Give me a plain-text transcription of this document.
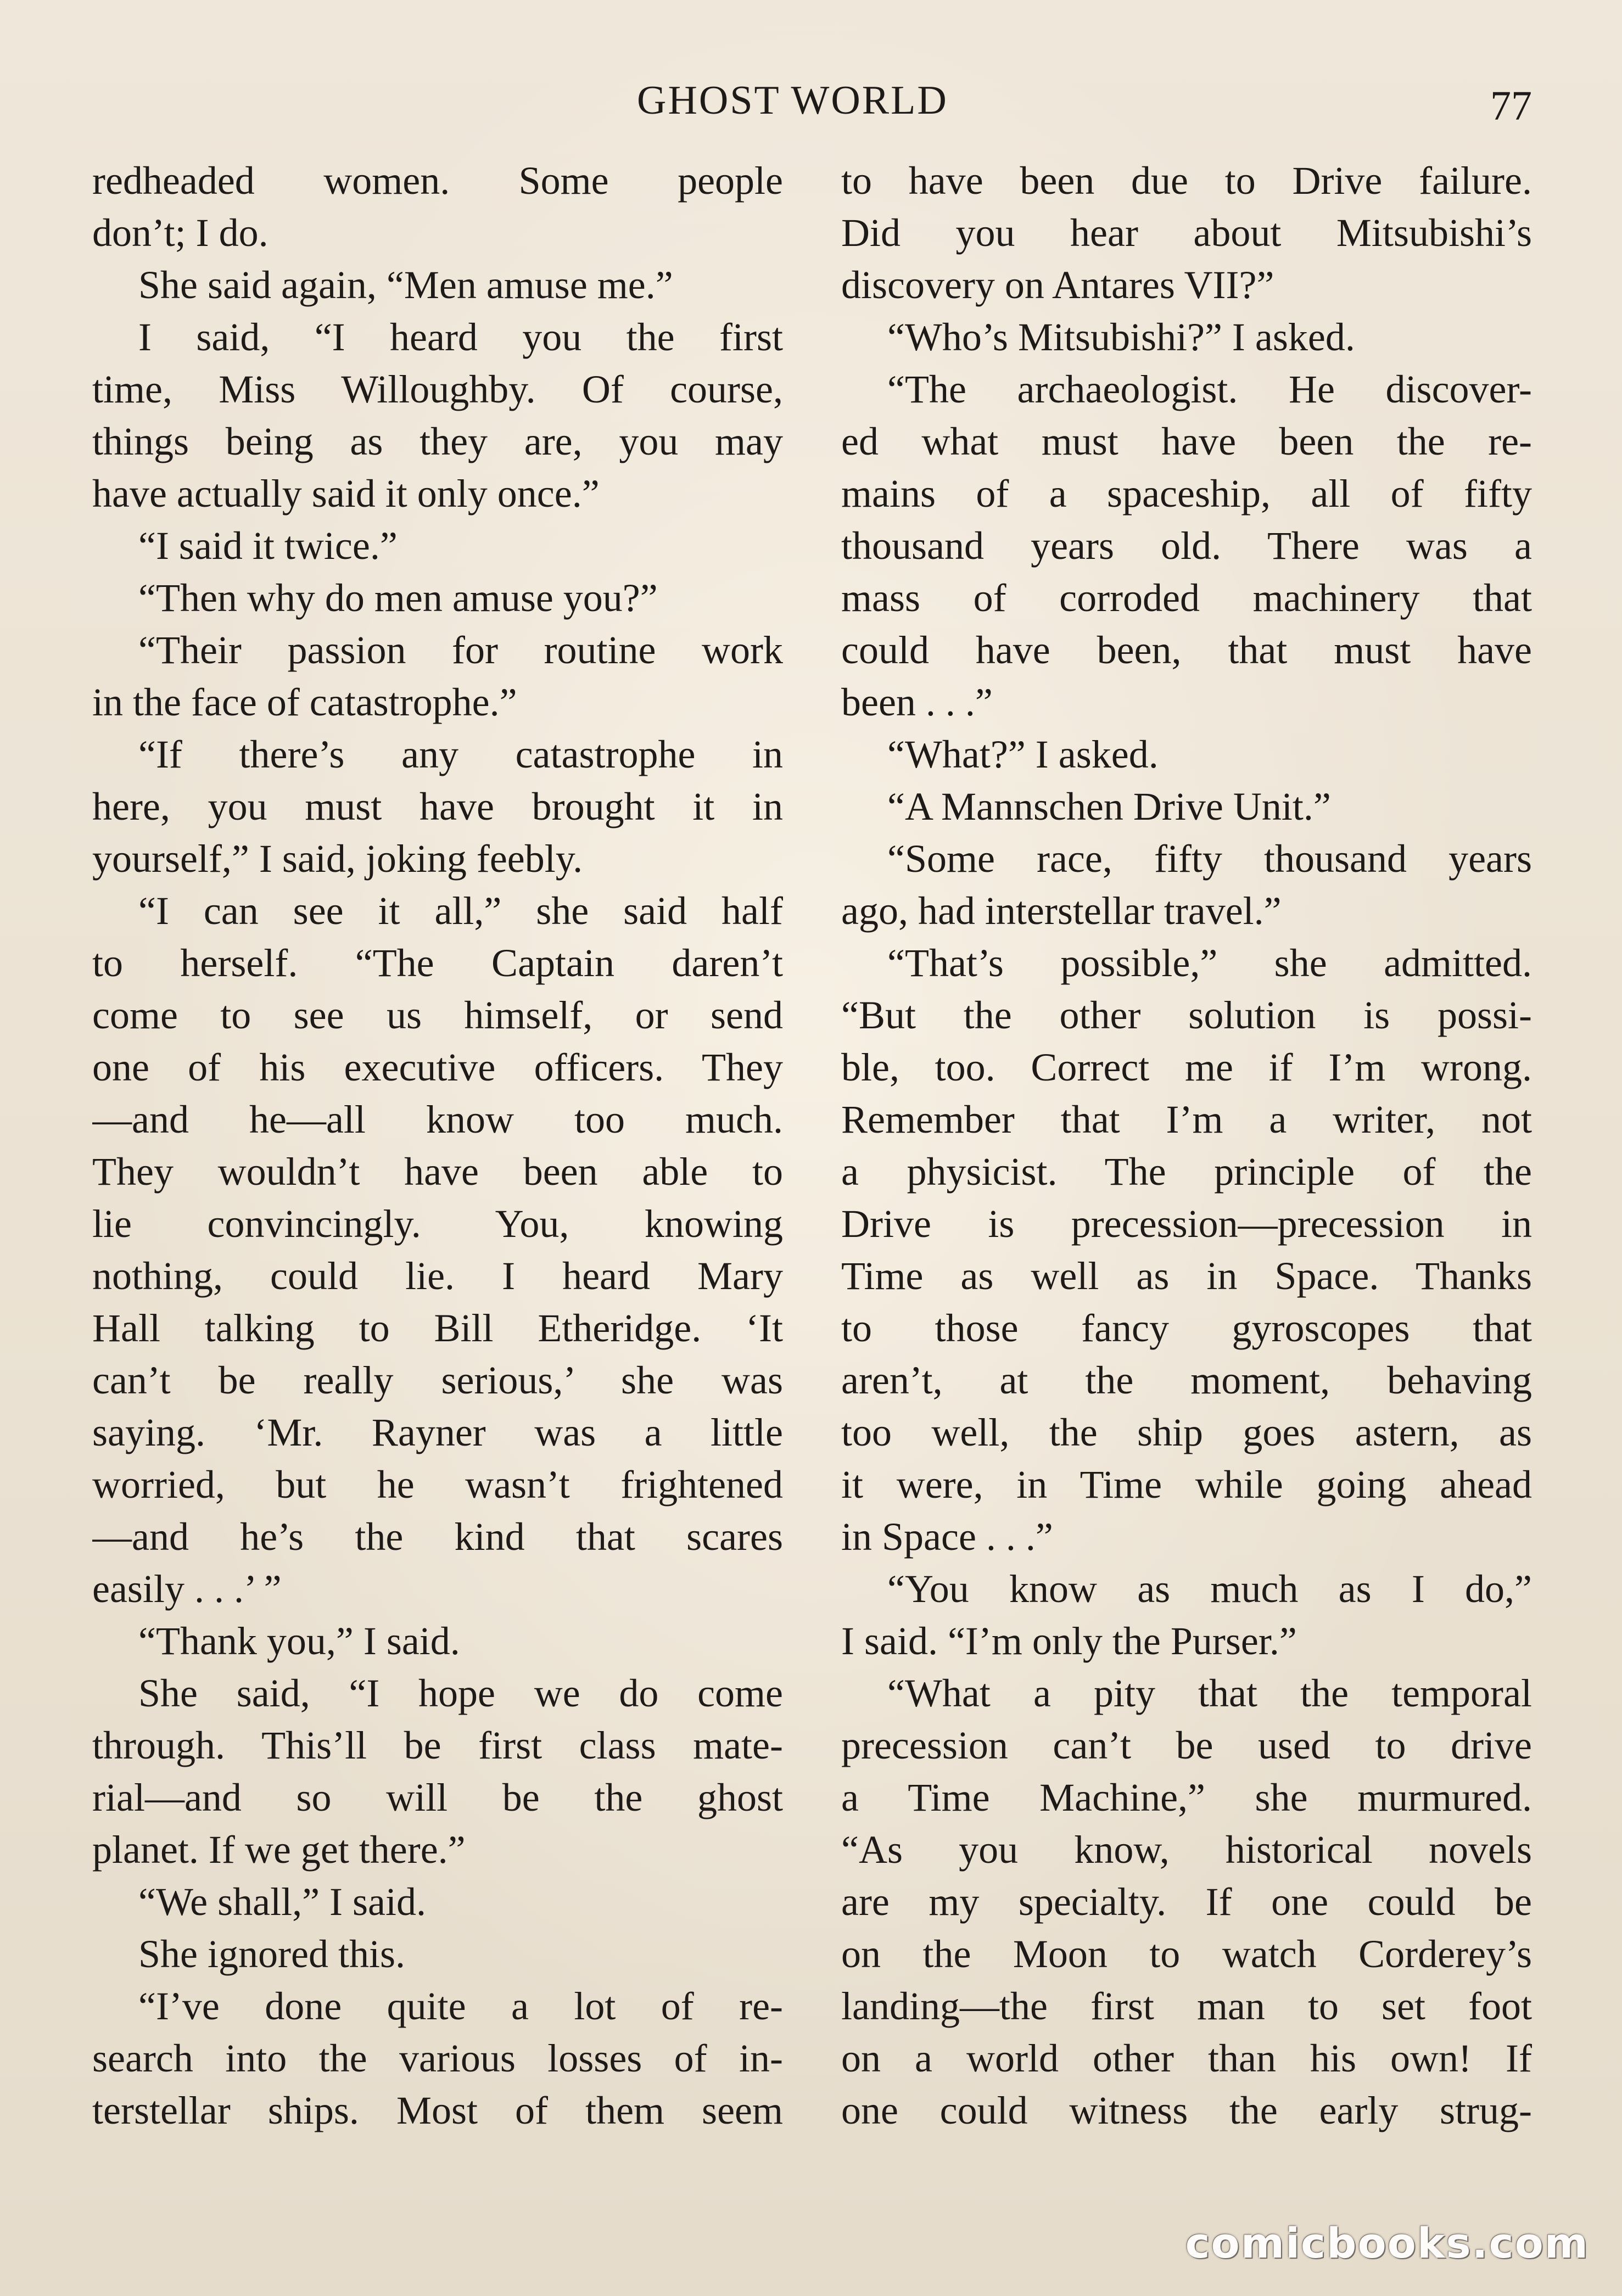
GHOST WORLD	77
redheaded women. Some people
don’t; I do.
She said again, “Men amuse me.”
I said, “I heard you the first
time, Miss Willoughby. Of course,
things being as they are, you may
have actually said it only once.”
“I said it twice.”
“Then why do men amuse you?”
“Their passion for routine work
in the face of catastrophe.”
“If there’s any catastrophe in
here, you must have brought it in
yourself,” I said, joking feebly.
“I can see it all,” she said half
to herself. “The Captain daren’t
come to see us himself, or send
one of his executive officers. They
—and he—all know too much.
They wouldn’t have been able to
lie convincingly. You, knowing
nothing, could lie. I heard Mary
Hall talking to Bill Etheridge. ‘It
can’t be really serious,’ she was
saying. ‘Mr. Rayner was a little
worried, but he wasn’t frightened
—and he’s the kind that scares
easily . . .’ ”
“Thank you,” I said.
She said, “I hope we do come
through. This’ll be first class mate-
rial—and so will be the ghost
planet. If we get there.”
“We shall,” I said.
She ignored this.
“I’ve done quite a lot of re-
search into the various losses of in-
terstellar ships. Most of them seem
to have been due to Drive failure.
Did you hear about Mitsubishi’s
discovery on Antares VII?”
“Who’s Mitsubishi?” I asked.
“The archaeologist. He discover-
ed what must have been the re-
mains of a spaceship, all of fifty
thousand years old. There was a
mass of corroded machinery that
could have been, that must have
been . . .”
“What?” I asked.
“A Mannschen Drive Unit.”
“Some race, fifty thousand years
ago, had interstellar travel.”
“That’s possible,” she admitted.
“But the other solution is possi-
ble, too. Correct me if I’m wrong.
Remember that I’m a writer, not
a physicist. The principle of the
Drive is precession—precession in
Time as well as in Space. Thanks
to those fancy gyroscopes that
aren’t, at the moment, behaving
too well, the ship goes astern, as
it were, in Time while going ahead
in Space . . .”
“You know as much as I do,”
I said. “I’m only the Purser.”
“What a pity that the temporal
precession can’t be used to drive
a Time Machine,” she murmured.
“As you know, historical novels
are my specialty. If one could be
on the Moon to watch Corderey’s
landing—the first man to set foot
on a world other than his own! If
one could witness the early strug-
comicbooks.com
